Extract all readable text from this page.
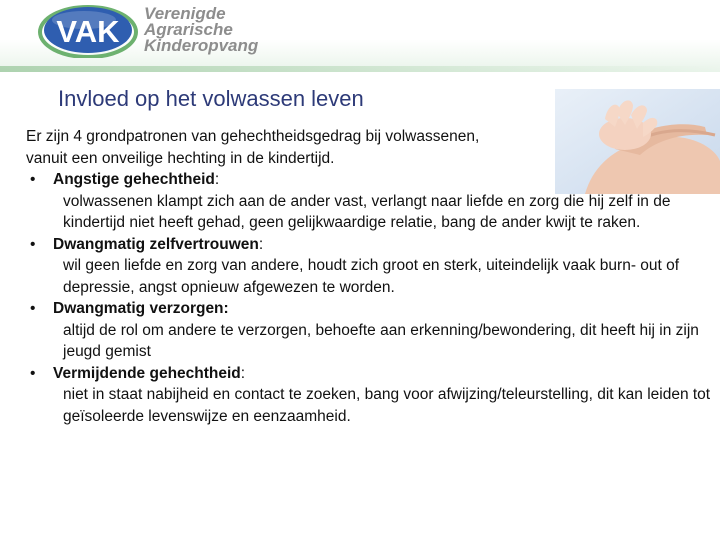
VAK
Verenigde
Agrarische
Kinderopvang
Invloed op het volwassen leven

Er zijn 4 grondpatronen van gehechtheidsgedrag bij volwassenen,
vanuit een onveilige hechting in de kindertijd.

• Angstige gehechtheid:

volwassenen klampt zich aan de ander vast, verlangt naar liefde en zorg die hij zelf in de kindertijd niet heeft gehad, geen gelijkwaardige relatie, bang de ander kwijt te raken.

• Dwangmatig zelfvertrouwen:

wil geen liefde en zorg van andere, houdt zich groot en sterk, uiteindelijk vaak burn- out of depressie, angst opnieuw afgewezen te worden.

• Dwangmatig verzorgen:

altijd de rol om andere te verzorgen, behoefte aan erkenning/bewondering, dit heeft hij in zijn jeugd gemist

• Vermijdende gehechtheid:

niet in staat nabijheid en contact te zoeken, bang voor afwijzing/teleurstelling, dit kan leiden tot geïsoleerde levenswijze en eenzaamheid.
